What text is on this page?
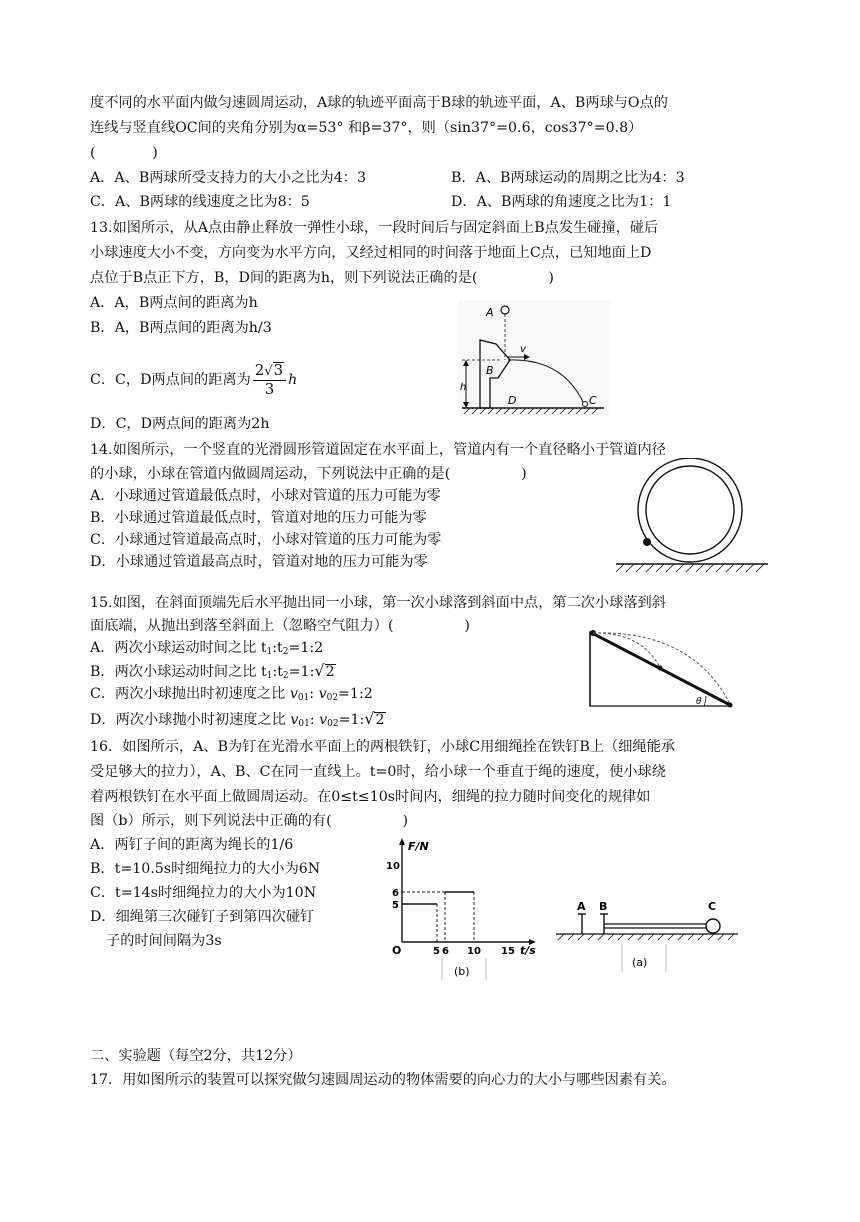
度不同的水平面内做匀速圆周运动，A球的轨迹平面高于B球的轨迹平面，A、B两球与O点的
连线与竖直线OC间的夹角分别为α=53° 和β=37°，则（sin37°=0.6，cos37°=0.8）
(　　　　)
A．A、B两球所受支持力的大小之比为4：3	B．A、B两球运动的周期之比为4：3
C．A、B两球的线速度之比为8：5	D．A、B两球的角速度之比为1：1
13.如图所示，从A点由静止释放一弹性小球，一段时间后与固定斜面上B点发生碰撞，碰后
小球速度大小不变，方向变为水平方向，又经过相同的时间落于地面上C点，已知地面上D
点位于B点正下方，B，D间的距离为h，则下列说法正确的是(　　　　　)
A．A，B两点间的距离为h
B．A，B两点间的距离为h/3
C．C，D两点间的距离为 $\frac{2√3}{3}$ h
D．C，D两点间的距离为2h
h
A
B
v
C
D
14.如图所示，一个竖直的光滑圆形管道固定在水平面上，管道内有一个直径略小于管道内径
的小球，小球在管道内做圆周运动，下列说法中正确的是(　　　　　)
A．小球通过管道最低点时，小球对管道的压力可能为零
B．小球通过管道最低点时，管道对地的压力可能为零
C．小球通过管道最高点时，小球对管道的压力可能为零
D．小球通过管道最高点时，管道对地的压力可能为零
15.如图，在斜面顶端先后水平抛出同一小球，第一次小球落到斜面中点，第二次小球落到斜
面底端，从抛出到落至斜面上（忽略空气阻力）(　　　　　)
A．两次小球运动时间之比 $t_1:t_2=1:2$
B．两次小球运动时间之比 $t_1:t_2=1:√2$
C．两次小球抛出时初速度之比 $v_{01}$: $v_{02}=1:2$
D．两次小球抛小时初速度之比 $v_{01}$: $v_{02}=1:√2$
θ
16．如图所示，A、B为钉在光滑水平面上的两根铁钉，小球C用细绳拴在铁钉B上（细绳能承
受足够大的拉力），A、B、C在同一直线上。t=0时，给小球一个垂直于绳的速度，使小球绕
着两根铁钉在水平面上做圆周运动。在0≤t≤10s时间内，细绳的拉力随时间变化的规律如
图（b）所示，则下列说法中正确的有(　　　　　)
A．两钉子间的距离为绳长的1/6
B．t=10.5s时细绳拉力的大小为6N
C．t=14s时细绳拉力的大小为10N
D．细绳第三次碰钉子到第四次碰钉
子的时间间隔为3s
F/N
t/s
O
10
6
5
5 6 10 15
(b)
A B	C
(a)
二、实验题（每空2分，共12分）
17．用如图所示的装置可以探究做匀速圆周运动的物体需要的向心力的大小与哪些因素有关。
